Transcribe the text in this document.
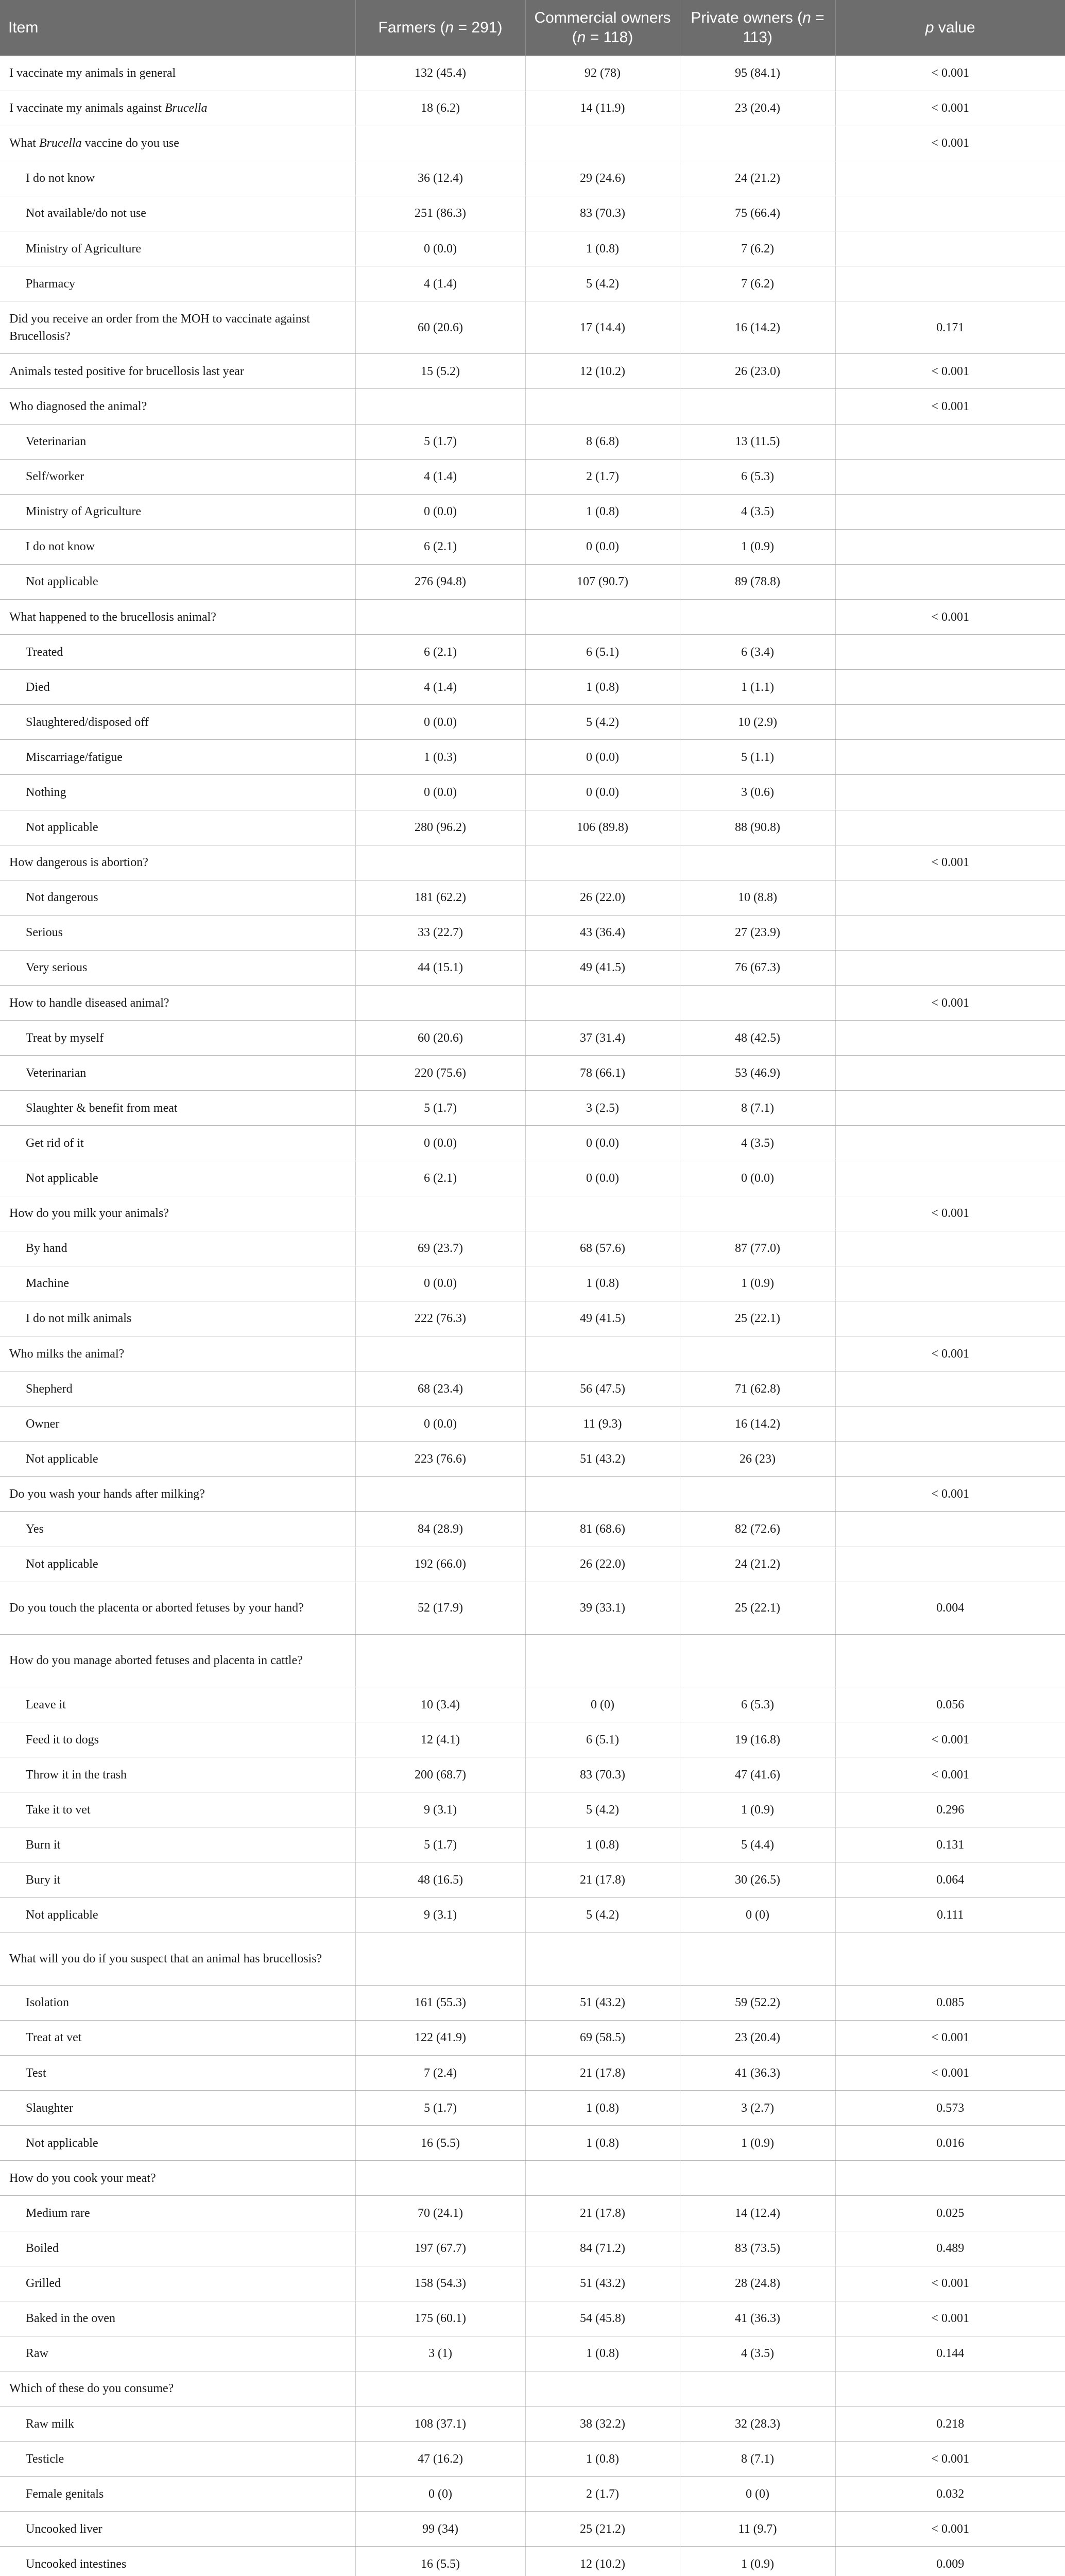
Item	Farmers (n = 291)	Commercial owners (n = 118)	Private owners (n = 113)	p value
I vaccinate my animals in general	132 (45.4)	92 (78)	95 (84.1)	< 0.001
I vaccinate my animals against Brucella	18 (6.2)	14 (11.9)	23 (20.4)	< 0.001
What Brucella vaccine do you use				< 0.001
I do not know	36 (12.4)	29 (24.6)	24 (21.2)	
Not available/do not use	251 (86.3)	83 (70.3)	75 (66.4)	
Ministry of Agriculture	0 (0.0)	1 (0.8)	7 (6.2)	
Pharmacy	4 (1.4)	5 (4.2)	7 (6.2)	
Did you receive an order from the MOH to vaccinate against Brucellosis?	60 (20.6)	17 (14.4)	16 (14.2)	0.171
Animals tested positive for brucellosis last year	15 (5.2)	12 (10.2)	26 (23.0)	< 0.001
Who diagnosed the animal?				< 0.001
Veterinarian	5 (1.7)	8 (6.8)	13 (11.5)	
Self/worker	4 (1.4)	2 (1.7)	6 (5.3)	
Ministry of Agriculture	0 (0.0)	1 (0.8)	4 (3.5)	
I do not know	6 (2.1)	0 (0.0)	1 (0.9)	
Not applicable	276 (94.8)	107 (90.7)	89 (78.8)	
What happened to the brucellosis animal?				< 0.001
Treated	6 (2.1)	6 (5.1)	6 (3.4)	
Died	4 (1.4)	1 (0.8)	1 (1.1)	
Slaughtered/disposed off	0 (0.0)	5 (4.2)	10 (2.9)	
Miscarriage/fatigue	1 (0.3)	0 (0.0)	5 (1.1)	
Nothing	0 (0.0)	0 (0.0)	3 (0.6)	
Not applicable	280 (96.2)	106 (89.8)	88 (90.8)	
How dangerous is abortion?				< 0.001
Not dangerous	181 (62.2)	26 (22.0)	10 (8.8)	
Serious	33 (22.7)	43 (36.4)	27 (23.9)	
Very serious	44 (15.1)	49 (41.5)	76 (67.3)	
How to handle diseased animal?				< 0.001
Treat by myself	60 (20.6)	37 (31.4)	48 (42.5)	
Veterinarian	220 (75.6)	78 (66.1)	53 (46.9)	
Slaughter & benefit from meat	5 (1.7)	3 (2.5)	8 (7.1)	
Get rid of it	0 (0.0)	0 (0.0)	4 (3.5)	
Not applicable	6 (2.1)	0 (0.0)	0 (0.0)	
How do you milk your animals?				< 0.001
By hand	69 (23.7)	68 (57.6)	87 (77.0)	
Machine	0 (0.0)	1 (0.8)	1 (0.9)	
I do not milk animals	222 (76.3)	49 (41.5)	25 (22.1)	
Who milks the animal?				< 0.001
Shepherd	68 (23.4)	56 (47.5)	71 (62.8)	
Owner	0 (0.0)	11 (9.3)	16 (14.2)	
Not applicable	223 (76.6)	51 (43.2)	26 (23)	
Do you wash your hands after milking?				< 0.001
Yes	84 (28.9)	81 (68.6)	82 (72.6)	
Not applicable	192 (66.0)	26 (22.0)	24 (21.2)	
Do you touch the placenta or aborted fetuses by your hand?	52 (17.9)	39 (33.1)	25 (22.1)	0.004
How do you manage aborted fetuses and placenta in cattle?				
Leave it	10 (3.4)	0 (0)	6 (5.3)	0.056
Feed it to dogs	12 (4.1)	6 (5.1)	19 (16.8)	< 0.001
Throw it in the trash	200 (68.7)	83 (70.3)	47 (41.6)	< 0.001
Take it to vet	9 (3.1)	5 (4.2)	1 (0.9)	0.296
Burn it	5 (1.7)	1 (0.8)	5 (4.4)	0.131
Bury it	48 (16.5)	21 (17.8)	30 (26.5)	0.064
Not applicable	9 (3.1)	5 (4.2)	0 (0)	0.111
What will you do if you suspect that an animal has brucellosis?				
Isolation	161 (55.3)	51 (43.2)	59 (52.2)	0.085
Treat at vet	122 (41.9)	69 (58.5)	23 (20.4)	< 0.001
Test	7 (2.4)	21 (17.8)	41 (36.3)	< 0.001
Slaughter	5 (1.7)	1 (0.8)	3 (2.7)	0.573
Not applicable	16 (5.5)	1 (0.8)	1 (0.9)	0.016
How do you cook your meat?				
Medium rare	70 (24.1)	21 (17.8)	14 (12.4)	0.025
Boiled	197 (67.7)	84 (71.2)	83 (73.5)	0.489
Grilled	158 (54.3)	51 (43.2)	28 (24.8)	< 0.001
Baked in the oven	175 (60.1)	54 (45.8)	41 (36.3)	< 0.001
Raw	3 (1)	1 (0.8)	4 (3.5)	0.144
Which of these do you consume?				
Raw milk	108 (37.1)	38 (32.2)	32 (28.3)	0.218
Testicle	47 (16.2)	1 (0.8)	8 (7.1)	< 0.001
Female genitals	0 (0)	2 (1.7)	0 (0)	0.032
Uncooked liver	99 (34)	25 (21.2)	11 (9.7)	< 0.001
Uncooked intestines	16 (5.5)	12 (10.2)	1 (0.9)	0.009
